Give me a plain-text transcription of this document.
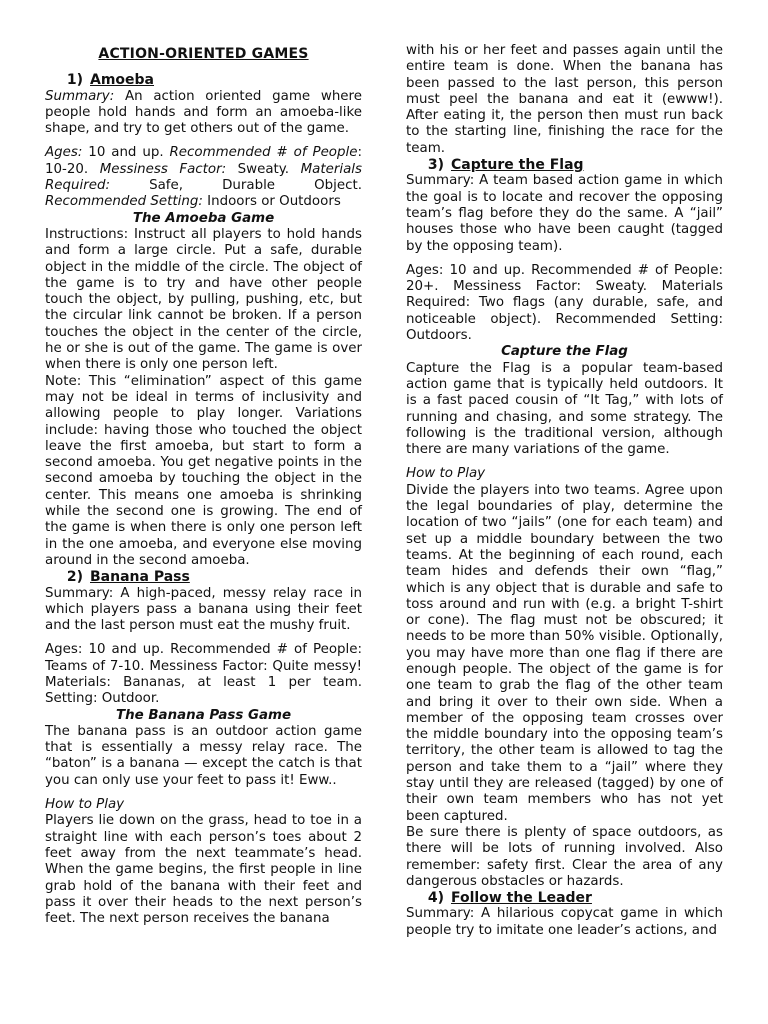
ACTION-ORIENTED GAMES

1) Amoeba

Summary: An action oriented game where people hold hands and form an amoeba-like shape, and try to get others out of the game.

Ages: 10 and up. Recommended # of People: 10-20. Messiness Factor: Sweaty. Materials Required:	Safe, Durable Object. Recommended Setting: Indoors or Outdoors

The Amoeba Game

Instructions: Instruct all players to hold hands and form a large circle. Put a safe, durable object in the middle of the circle. The object of the game is to try and have other people touch the object, by pulling, pushing, etc, but the circular link cannot be broken. If a person touches the object in the center of the circle, he or she is out of the game. The game is over when there is only one person left.

Note: This “elimination” aspect of this game may not be ideal in terms of inclusivity and allowing people to play longer. Variations include: having those who touched the object leave the first amoeba, but start to form a second amoeba. You get negative points in the second amoeba by touching the object in the center. This means one amoeba is shrinking while the second one is growing. The end of the game is when there is only one person left in the one amoeba, and everyone else moving around in the second amoeba.

2) Banana Pass

Summary: A high-paced, messy relay race in which players pass a banana using their feet and the last person must eat the mushy fruit.

Ages: 10 and up. Recommended # of People: Teams of 7-10. Messiness Factor: Quite messy! Materials: Bananas, at least 1 per team. Setting: Outdoor.

The Banana Pass Game

The banana pass is an outdoor action game that is essentially a messy relay race. The “baton” is a banana — except the catch is that you can only use your feet to pass it! Eww..

How to Play

Players lie down on the grass, head to toe in a straight line with each person’s toes about 2 feet away from the next teammate’s head. When the game begins, the first people in line grab hold of the banana with their feet and pass it over their heads to the next person’s feet. The next person receives the banana

with his or her feet and passes again until the entire team is done. When the banana has been passed to the last person, this person must peel the banana and eat it (ewww!). After eating it, the person then must run back to the starting line, finishing the race for the team.

3) Capture the Flag

Summary: A team based action game in which the goal is to locate and recover the opposing team’s flag before they do the same. A “jail” houses those who have been caught (tagged by the opposing team).

Ages: 10 and up. Recommended # of People: 20+. Messiness Factor: Sweaty. Materials Required: Two flags (any durable, safe, and noticeable object). Recommended Setting: Outdoors.

Capture the Flag

Capture the Flag is a popular team-based action game that is typically held outdoors. It is a fast paced cousin of “It Tag,” with lots of running and chasing, and some strategy. The following is the traditional version, although there are many variations of the game.

How to Play

Divide the players into two teams. Agree upon the legal boundaries of play, determine the location of two “jails” (one for each team) and set up a middle boundary between the two teams. At the beginning of each round, each team hides and defends their own “flag,” which is any object that is durable and safe to toss around and run with (e.g. a bright T-shirt or cone). The flag must not be obscured; it needs to be more than 50% visible. Optionally, you may have more than one flag if there are enough people. The object of the game is for one team to grab the flag of the other team and bring it over to their own side. When a member of the opposing team crosses over the middle boundary into the opposing team’s territory, the other team is allowed to tag the person and take them to a “jail” where they stay until they are released (tagged) by one of their own team members who has not yet been captured.

Be sure there is plenty of space outdoors, as there will be lots of running involved. Also remember: safety first. Clear the area of any dangerous obstacles or hazards.

4) Follow the Leader

Summary: A hilarious copycat game in which people try to imitate one leader’s actions, and
